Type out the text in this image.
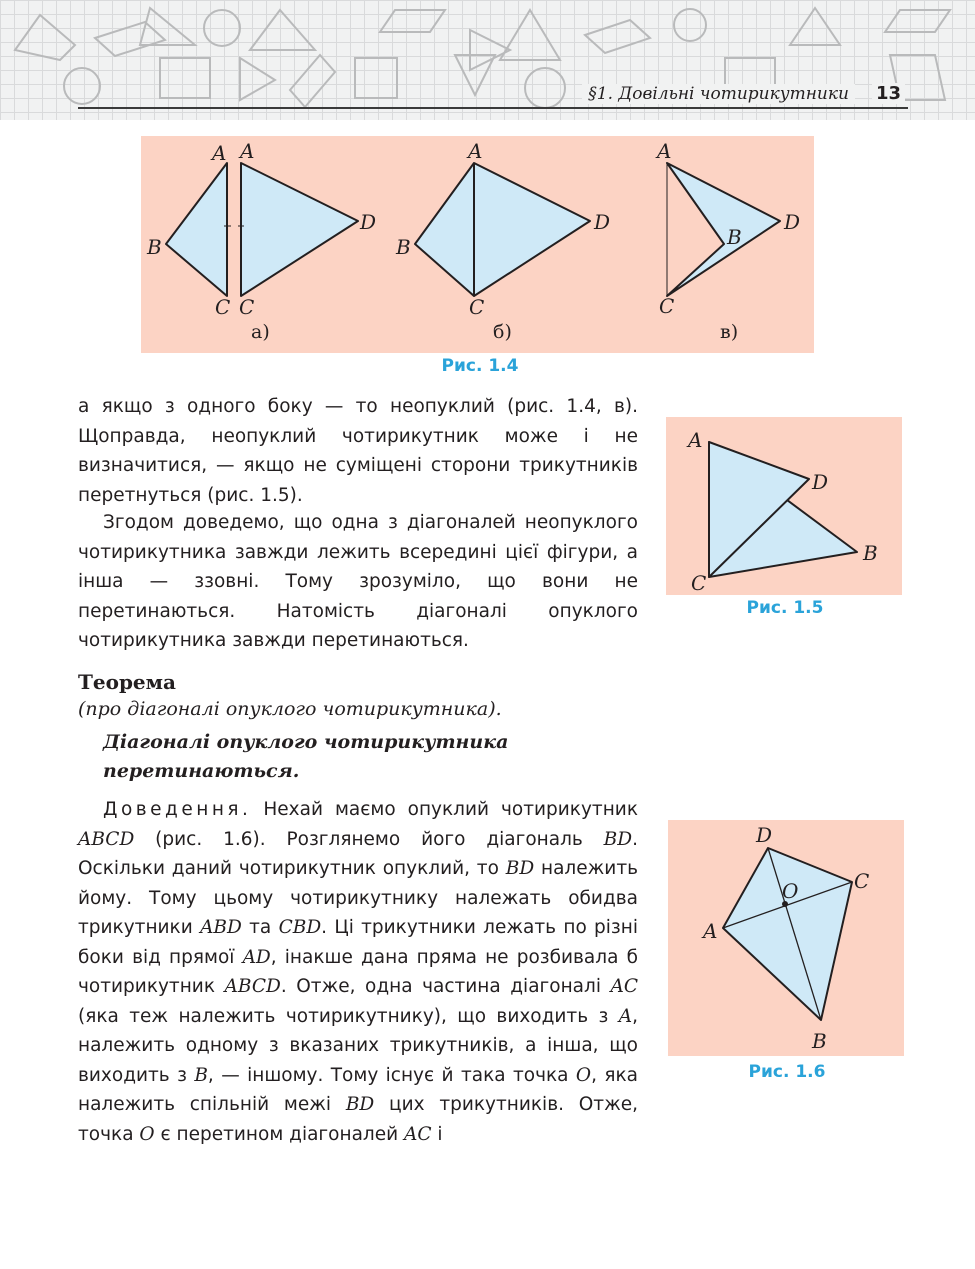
§1. Довільні чотирикутники	13
A A
B
C C
D
а)
A
B
C
D
б)
A
B
C
D
в)
Рис. 1.4

а якщо з одного боку — то неопуклий (рис. 1.4, в). Щоправда, неопуклий чотирикутник може і не визначитися, — якщо не суміщені сторони трикутників перетнуться (рис. 1.5).

Згодом доведемо, що одна з діагоналей неопуклого чотирикутника завжди лежить всередині цієї фігури, а інша — ззовні. Тому зрозуміло, що вони не перетинаються. Натомість діагоналі опуклого чотирикутника завжди перетинаються.

A
D
B
C
Рис. 1.5
Теорема
(про діагоналі опуклого чотирикутника).

Діагоналі опуклого чотирикутника перетинаються.

Доведення. Нехай маємо опуклий чотирикутник ABCD (рис. 1.6). Розглянемо його діагональ BD. Оскільки даний чотирикутник опуклий, то BD належить йому. Тому цьому чотирикутнику належать обидва трикутники ABD та CBD. Ці трикутники лежать по різні боки від прямої AD, інакше дана пряма не розбивала б чотирикутник ABCD. Отже, одна частина діагоналі AC (яка теж належить чотирикутнику), що виходить з A, належить одному з вказаних трикутників, а інша, що виходить з B, — іншому. Тому існує й така точка O, яка належить спільній межі BD цих трикутників. Отже, точка O є перетином діагоналей AC і

D
C
O
A
B
Рис. 1.6
